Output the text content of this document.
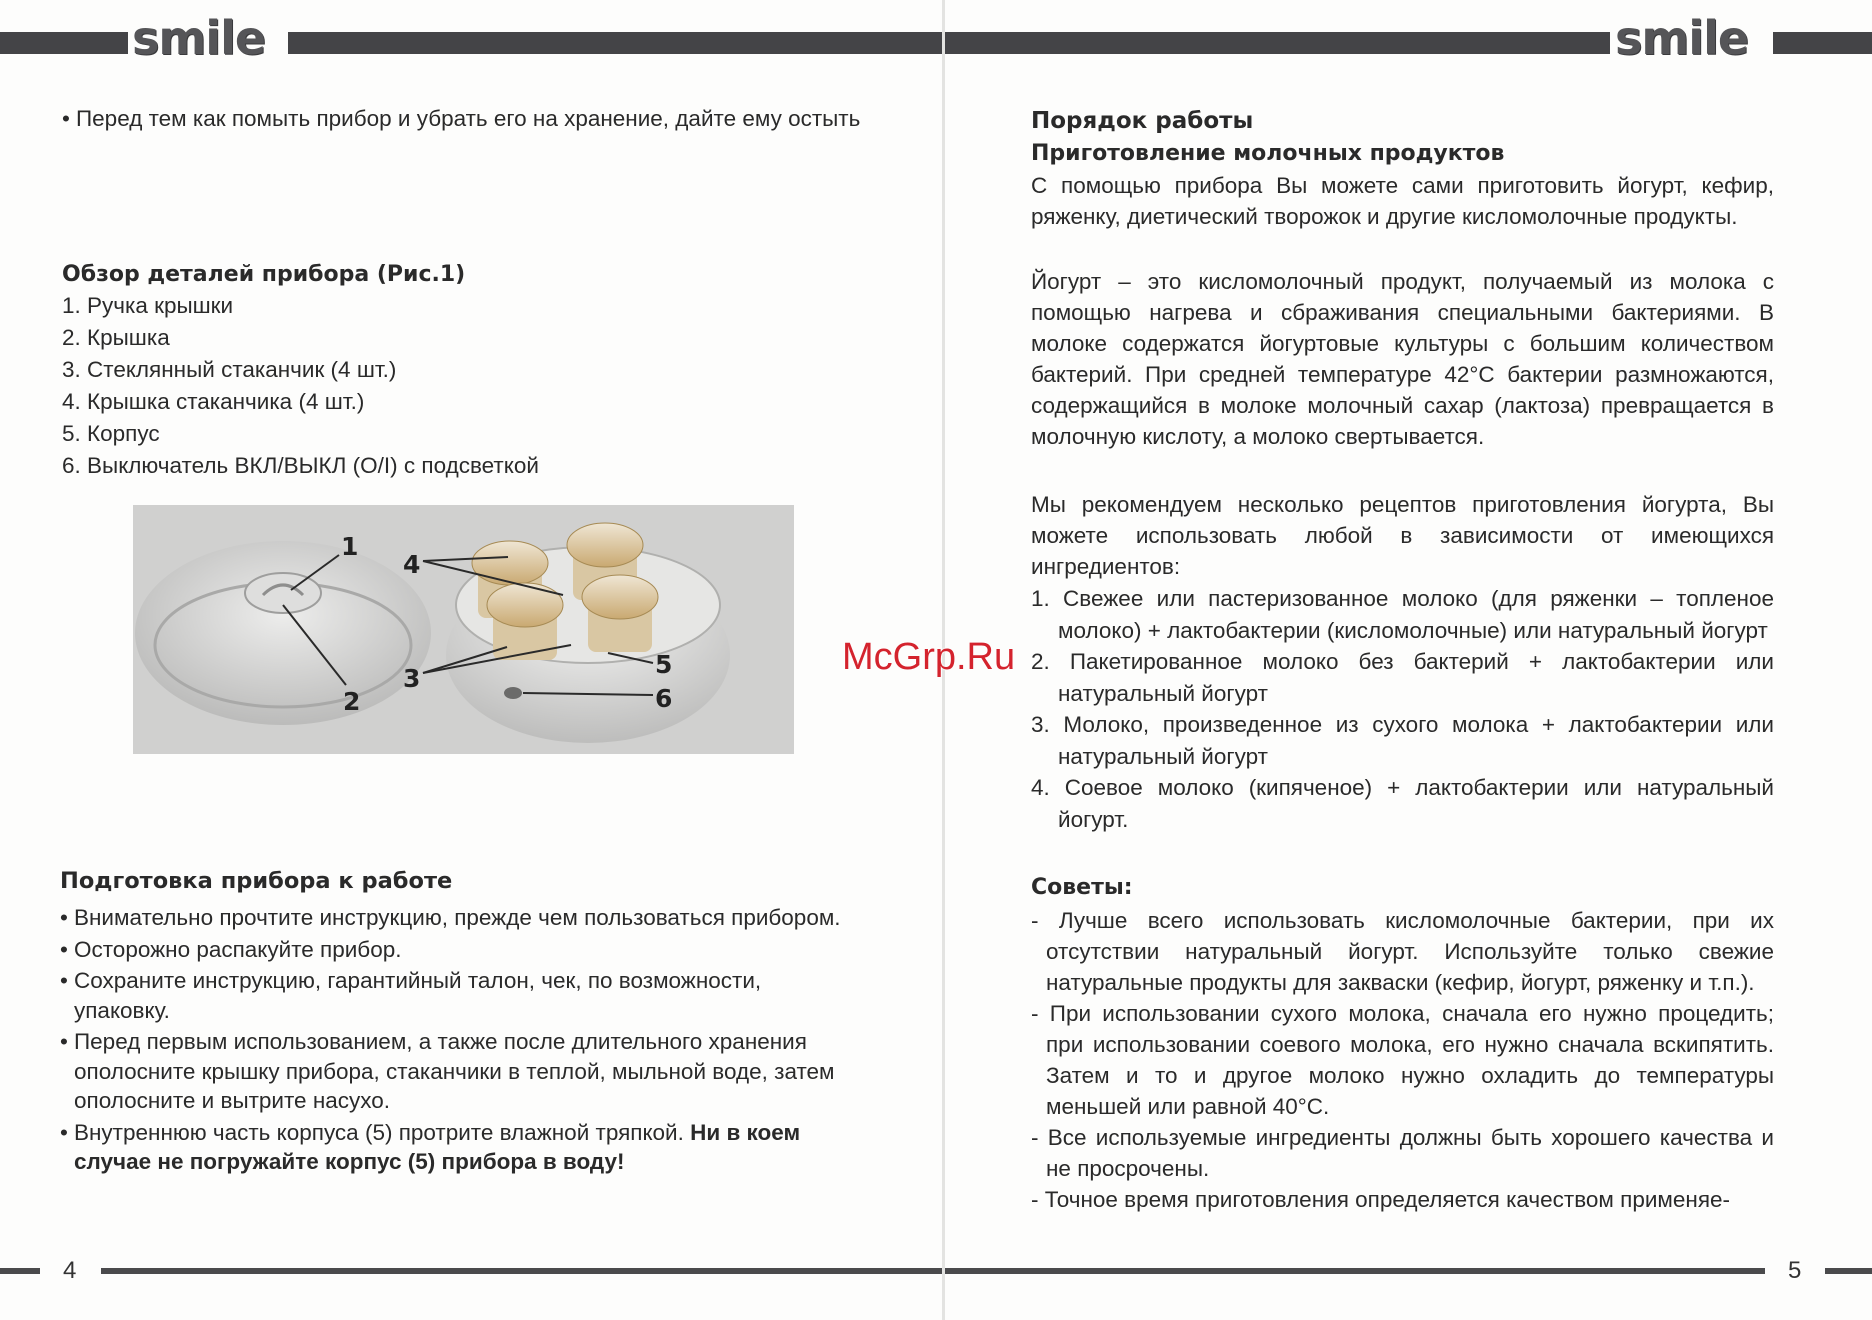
smile
• Перед тем как помыть прибор и убрать его на хранение, дайте ему остыть
Обзор деталей прибора (Рис.1)
1. Ручка крышки
2. Крышка
3. Стеклянный стаканчик (4 шт.)
4. Крышка стаканчика (4 шт.)
5. Корпус
6. Выключатель ВКЛ/ВЫКЛ (O/I) с подсветкой
1
2
4
3	5
6
Подготовка прибора к работе
• Внимательно прочтите инструкцию, прежде чем пользоваться прибором.
• Осторожно распакуйте прибор.
• Сохраните инструкцию, гарантийный талон, чек, по возможности, упаковку.
• Перед первым использованием, а также после длительного хранения ополосните крышку прибора, стаканчики в теплой, мыльной воде, затем ополосните и вытрите насухо.
• Внутреннюю часть корпуса (5) протрите влажной тряпкой. Ни в коем случае не погружайте корпус (5) прибора в воду!
4
smile
Порядок работы
Приготовление молочных продуктов

С помощью прибора Вы можете сами приготовить йогурт, кефир, ряженку, диетический творожок и другие кисломолочные продукты.

Йогурт – это кисломолочный продукт, получаемый из молока с помощью нагрева и сбраживания специальными бактериями. В молоке содержатся йогуртовые культуры с большим количеством бактерий. При средней температуре 42°С бактерии размножаются, содержащийся в молоке молочный сахар (лактоза) превращается в молочную кислоту, а молоко свертывается.

Мы рекомендуем несколько рецептов приготовления йогурта, Вы можете использовать любой в зависимости от имеющихся ингредиентов:

1. Свежее или пастеризованное молоко (для ряженки – топленое молоко) + лактобактерии (кисломолочные) или натуральный йогурт
2. Пакетированное молоко без бактерий + лактобактерии или натуральный йогурт
3. Молоко, произведенное из сухого молока + лактобактерии или натуральный йогурт
4. Соевое молоко (кипяченое) + лактобактерии или натуральный йогурт.
Советы:
- Лучше всего использовать кисломолочные бактерии, при их отсутствии натуральный йогурт. Используйте только свежие натуральные продукты для закваски (кефир, йогурт, ряженку и т.п.).
- При использовании сухого молока, сначала его нужно процедить; при использовании соевого молока, его нужно сначала вскипятить. Затем и то и другое молоко нужно охладить до температуры меньшей или равной 40°С.
- Все используемые ингредиенты должны быть хорошего качества и не просрочены.
- Точное время приготовления определяется качеством применяе-
5
McGrp.Ru
